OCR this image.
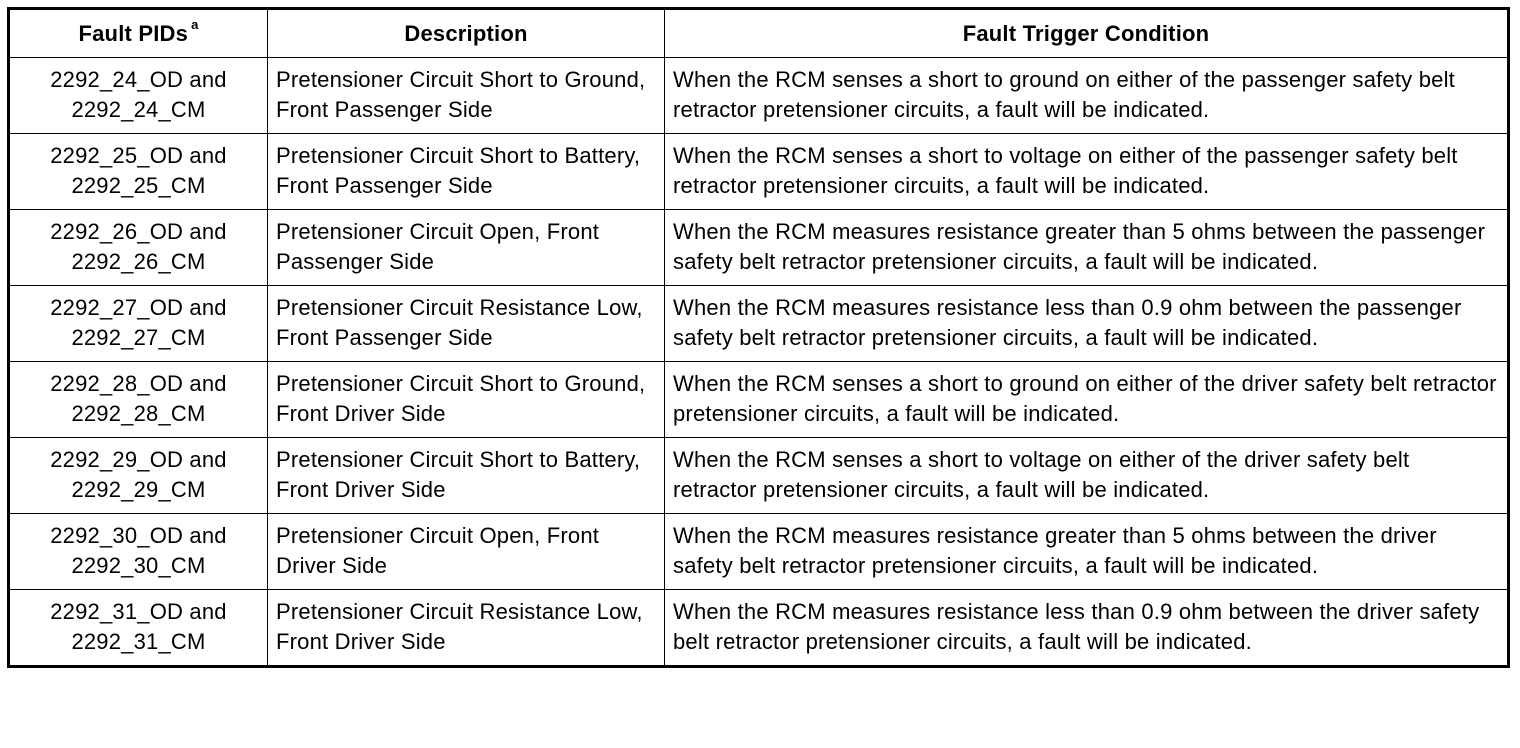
Fault PIDs $^a$	Description	Fault Trigger Condition

2292_24_OD and
2292_24_CM	Pretensioner Circuit Short to Ground, Front Passenger Side	When the RCM senses a short to ground on either of the passenger safety belt retractor pretensioner circuits, a fault will be indicated.

2292_25_OD and
2292_25_CM	Pretensioner Circuit Short to Battery, Front Passenger Side	When the RCM senses a short to voltage on either of the passenger safety belt retractor pretensioner circuits, a fault will be indicated.

2292_26_OD and
2292_26_CM	Pretensioner Circuit Open, Front Passenger Side	When the RCM measures resistance greater than 5 ohms between the passenger safety belt retractor pretensioner circuits, a fault will be indicated.

2292_27_OD and
2292_27_CM	Pretensioner Circuit Resistance Low, Front Passenger Side	When the RCM measures resistance less than 0.9 ohm between the passenger safety belt retractor pretensioner circuits, a fault will be indicated.

2292_28_OD and
2292_28_CM	Pretensioner Circuit Short to Ground, Front Driver Side	When the RCM senses a short to ground on either of the driver safety belt retractor pretensioner circuits, a fault will be indicated.

2292_29_OD and
2292_29_CM	Pretensioner Circuit Short to Battery, Front Driver Side	When the RCM senses a short to voltage on either of the driver safety belt retractor pretensioner circuits, a fault will be indicated.

2292_30_OD and
2292_30_CM	Pretensioner Circuit Open, Front Driver Side	When the RCM measures resistance greater than 5 ohms between the driver safety belt retractor pretensioner circuits, a fault will be indicated.

2292_31_OD and
2292_31_CM	Pretensioner Circuit Resistance Low, Front Driver Side	When the RCM measures resistance less than 0.9 ohm between the driver safety belt retractor pretensioner circuits, a fault will be indicated.
